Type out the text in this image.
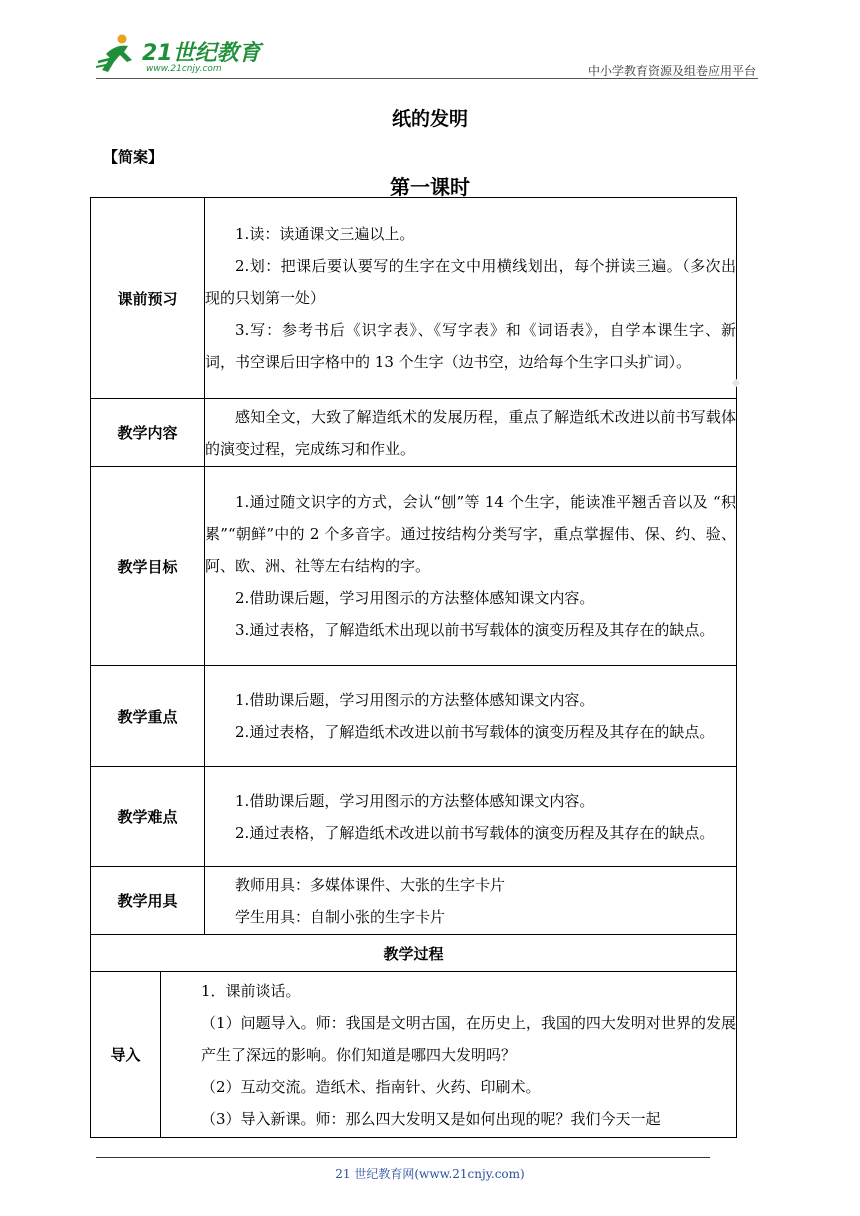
21世纪教育
www.21cnjy.com	中小学教育资源及组卷应用平台
纸的发明
【简案】
第一课时
课前预习		1.读：读通课文三遍以上。

2.划：把课后要认要写的生字在文中用横线划出，每个拼读三遍。（多次出现的只划第一处）

3.写：参考书后《识字表》、《写字表》和《词语表》，自学本课生字、新词，书空课后田字格中的 13 个生字（边书空，边给每个生字口头扩词）。

教学内容		感知全文，大致了解造纸术的发展历程，重点了解造纸术改进以前书写载体的演变过程，完成练习和作业。

教学目标		1.通过随文识字的方式，会认“刨”等 14 个生字，能读准平翘舌音以及 “积累”“朝鲜”中的 2 个多音字。通过按结构分类写字，重点掌握伟、保、约、验、阿、欧、洲、社等左右结构的字。

2.借助课后题，学习用图示的方法整体感知课文内容。

3.通过表格，了解造纸术出现以前书写载体的演变历程及其存在的缺点。

教学重点		1.借助课后题，学习用图示的方法整体感知课文内容。

2.通过表格，了解造纸术改进以前书写载体的演变历程及其存在的缺点。

教学难点		1.借助课后题，学习用图示的方法整体感知课文内容。

2.通过表格，了解造纸术改进以前书写载体的演变历程及其存在的缺点。

教学用具		教师用具：多媒体课件、大张的生字卡片

学生用具：自制小张的生字卡片

教学过程		
导入	1．课前谈话。

（1）问题导入。师：我国是文明古国，在历史上，我国的四大发明对世界的发展产生了深远的影响。你们知道是哪四大发明吗？

（2）互动交流。造纸术、指南针、火药、印刷术。

（3）导入新课。师：那么四大发明又是如何出现的呢？我们今天一起	

21 世纪教育网(www.21cnjy.com)
